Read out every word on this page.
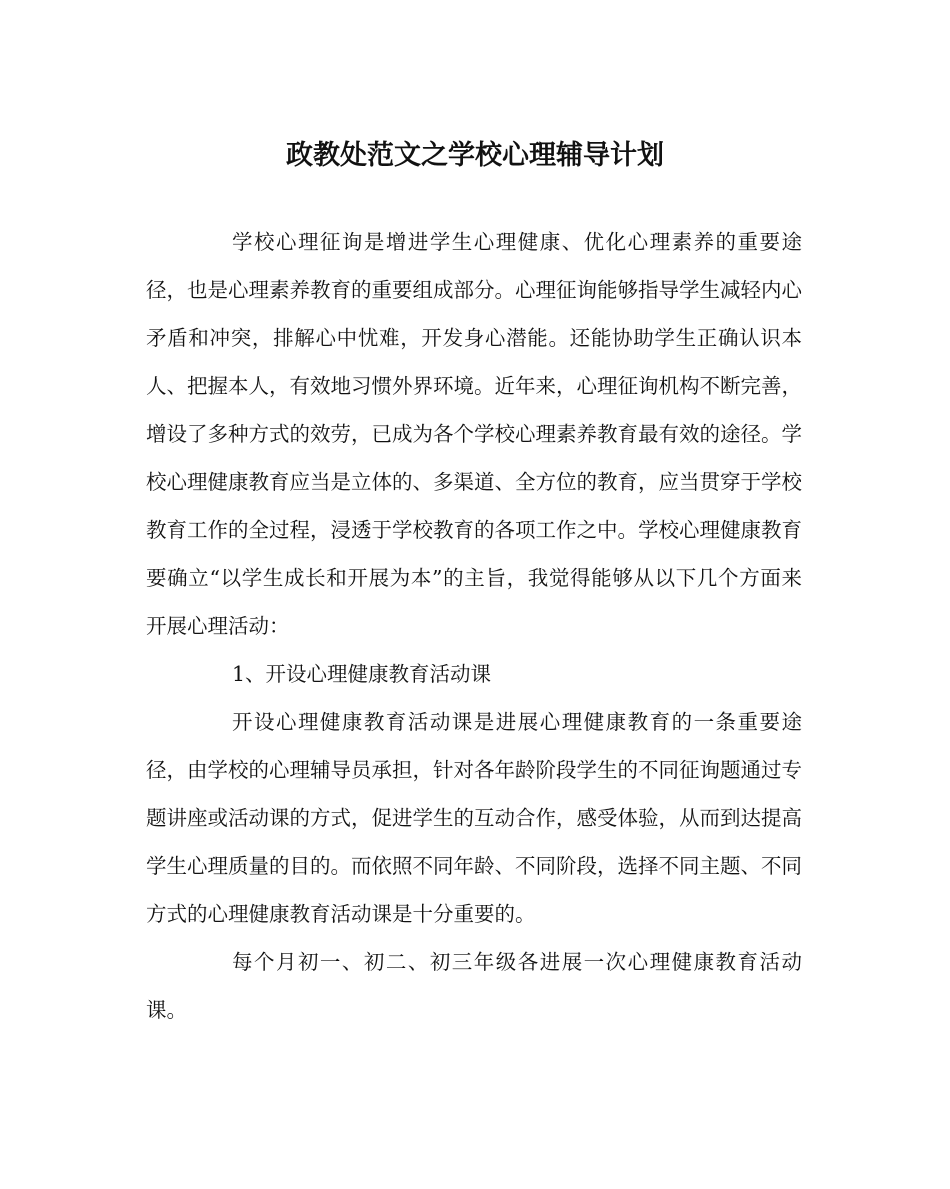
政教处范文之学校心理辅导计划

学校心理征询是增进学生心理健康、优化心理素养的重要途径，也是心理素养教育的重要组成部分。心理征询能够指导学生减轻内心矛盾和冲突，排解心中忧难，开发身心潜能。还能协助学生正确认识本人、把握本人，有效地习惯外界环境。近年来，心理征询机构不断完善，增设了多种方式的效劳，已成为各个学校心理素养教育最有效的途径。学校心理健康教育应当是立体的、多渠道、全方位的教育，应当贯穿于学校教育工作的全过程，浸透于学校教育的各项工作之中。学校心理健康教育要确立“以学生成长和开展为本”的主旨，我觉得能够从以下几个方面来开展心理活动：

1、开设心理健康教育活动课

开设心理健康教育活动课是进展心理健康教育的一条重要途径，由学校的心理辅导员承担，针对各年龄阶段学生的不同征询题通过专题讲座或活动课的方式，促进学生的互动合作，感受体验，从而到达提高学生心理质量的目的。而依照不同年龄、不同阶段，选择不同主题、不同方式的心理健康教育活动课是十分重要的。

每个月初一、初二、初三年级各进展一次心理健康教育活动课。
